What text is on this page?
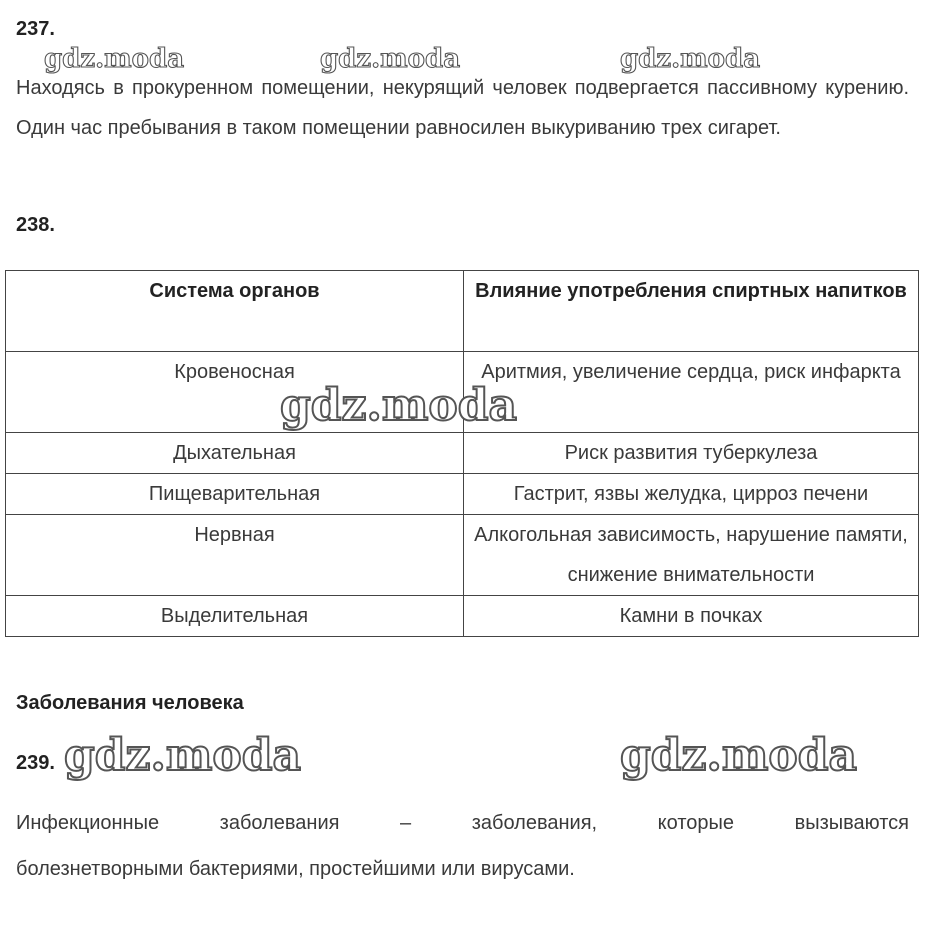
237.
Находясь в прокуренном помещении, некурящий человек подвергается пассивному курению. Один час пребывания в таком помещении равносилен выкуриванию трех сигарет.
238.
Система органов	Влияние употребления спиртных напитков
Кровеносная	Аритмия, увеличение сердца, риск инфаркта
Дыхательная	Риск развития туберкулеза
Пищеварительная	Гастрит, язвы желудка, цирроз печени
Нервная	Алкогольная зависимость, нарушение памяти, снижение внимательности
Выделительная	Камни в почках
Заболевания человека
239.
Инфекционные заболевания – заболевания, которые вызываются
болезнетворными бактериями, простейшими или вирусами.
gdz.moda	gdz.moda	gdz.moda
gdz.moda
gdz.moda	gdz.moda
